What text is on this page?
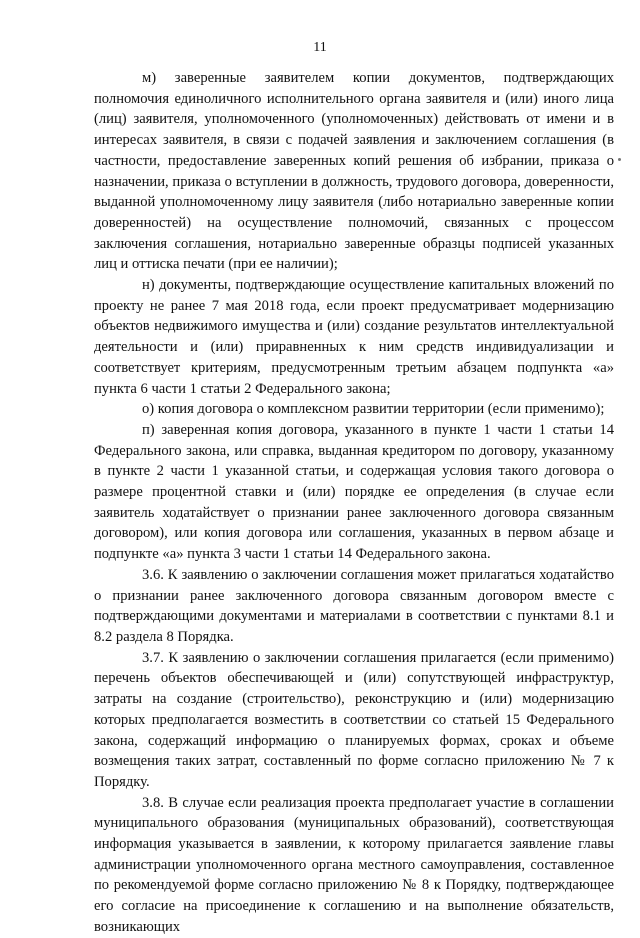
11

м) заверенные заявителем копии документов, подтверждающих полномочия единоличного исполнительного органа заявителя и (или) иного лица (лиц) заявителя, уполномоченного (уполномоченных) действовать от имени и в интересах заявителя, в связи с подачей заявления и заключением соглашения (в частности, предоставление заверенных копий решения об избрании, приказа о назначении, приказа о вступлении в должность, трудового договора, доверенности, выданной уполномоченному лицу заявителя (либо нотариально заверенные копии доверенностей) на осуществление полномочий, связанных с процессом заключения соглашения, нотариально заверенные образцы подписей указанных лиц и оттиска печати (при ее наличии);

н) документы, подтверждающие осуществление капитальных вложений по проекту не ранее 7 мая 2018 года, если проект предусматривает модернизацию объектов недвижимого имущества и (или) создание результатов интеллектуальной деятельности и (или) приравненных к ним средств индивидуализации и соответствует критериям, предусмотренным третьим абзацем подпункта «а» пункта 6 части 1 статьи 2 Федерального закона;

о) копия договора о комплексном развитии территории (если применимо);

п) заверенная копия договора, указанного в пункте 1 части 1 статьи 14 Федерального закона, или справка, выданная кредитором по договору, указанному в пункте 2 части 1 указанной статьи, и содержащая условия такого договора о размере процентной ставки и (или) порядке ее определения (в случае если заявитель ходатайствует о признании ранее заключенного договора связанным договором), или копия договора или соглашения, указанных в первом абзаце и подпункте «а» пункта 3 части 1 статьи 14 Федерального закона.

3.6. К заявлению о заключении соглашения может прилагаться ходатайство о признании ранее заключенного договора связанным договором вместе с подтверждающими документами и материалами в соответствии с пунктами 8.1 и 8.2 раздела 8 Порядка.

3.7. К заявлению о заключении соглашения прилагается (если применимо) перечень объектов обеспечивающей и (или) сопутствующей инфраструктур, затраты на создание (строительство), реконструкцию и (или) модернизацию которых предполагается возместить в соответствии со статьей 15 Федерального закона, содержащий информацию о планируемых формах, сроках и объеме возмещения таких затрат, составленный по форме согласно приложению № 7 к Порядку.

3.8. В случае если реализация проекта предполагает участие в соглашении муниципального образования (муниципальных образований), соответствующая информация указывается в заявлении, к которому прилагается заявление главы администрации уполномоченного органа местного самоуправления, составленное по рекомендуемой форме согласно приложению № 8 к Порядку, подтверждающее его согласие на присоединение к соглашению и на выполнение обязательств, возникающих
